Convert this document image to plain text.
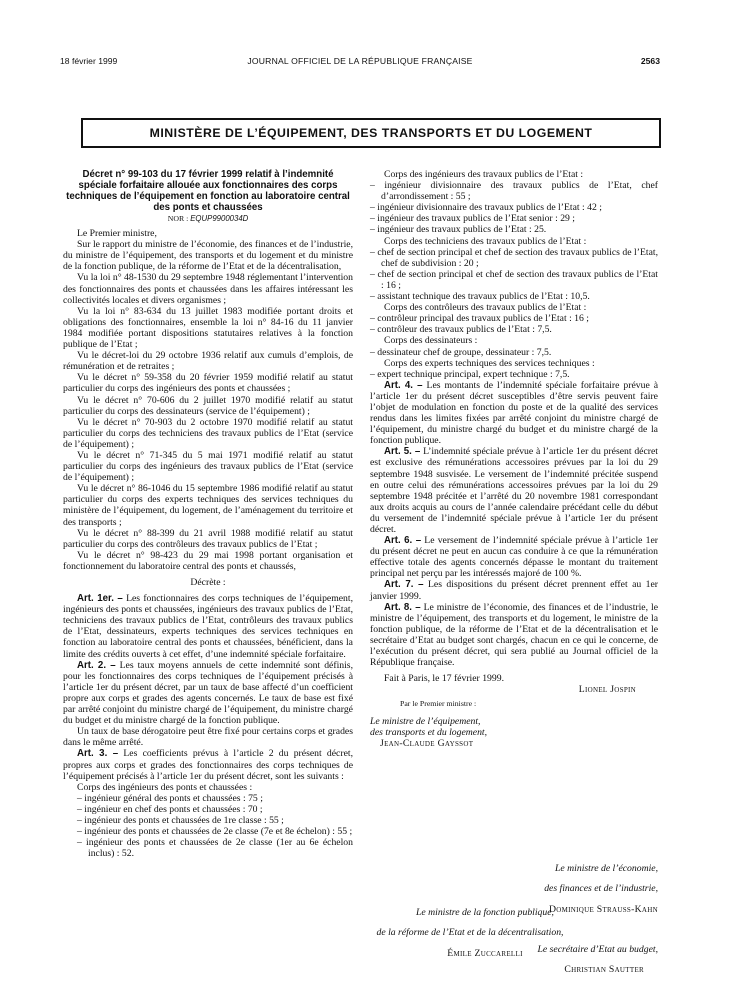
18 février 1999	JOURNAL OFFICIEL DE LA RÉPUBLIQUE FRANÇAISE	2563
MINISTÈRE DE L’ÉQUIPEMENT, DES TRANSPORTS ET DU LOGEMENT

Décret n° 99-103 du 17 février 1999 relatif à l’indemnité spéciale forfaitaire allouée aux fonctionnaires des corps techniques de l’équipement en fonction au laboratoire central des ponts et chaussées

NOR : EQUP9900034D

Le Premier ministre,

Sur le rapport du ministre de l’économie, des finances et de l’industrie, du ministre de l’équipement, des transports et du logement et du ministre de la fonction publique, de la réforme de l’Etat et de la décentralisation,

Vu la loi n° 48-1530 du 29 septembre 1948 réglementant l’intervention des fonctionnaires des ponts et chaussées dans les affaires intéressant les collectivités locales et divers organismes ;

Vu la loi n° 83-634 du 13 juillet 1983 modifiée portant droits et obligations des fonctionnaires, ensemble la loi n° 84-16 du 11 janvier 1984 modifiée portant dispositions statutaires relatives à la fonction publique de l’Etat ;

Vu le décret-loi du 29 octobre 1936 relatif aux cumuls d’emplois, de rémunération et de retraites ;

Vu le décret n° 59-358 du 20 février 1959 modifié relatif au statut particulier du corps des ingénieurs des ponts et chaussées ;

Vu le décret n° 70-606 du 2 juillet 1970 modifié relatif au statut particulier du corps des dessinateurs (service de l’équipement) ;

Vu le décret n° 70-903 du 2 octobre 1970 modifié relatif au statut particulier du corps des techniciens des travaux publics de l’Etat (service de l’équipement) ;

Vu le décret n° 71-345 du 5 mai 1971 modifié relatif au statut particulier du corps des ingénieurs des travaux publics de l’Etat (service de l’équipement) ;

Vu le décret n° 86-1046 du 15 septembre 1986 modifié relatif au statut particulier du corps des experts techniques des services techniques du ministère de l’équipement, du logement, de l’aménagement du territoire et des transports ;

Vu le décret n° 88-399 du 21 avril 1988 modifié relatif au statut particulier du corps des contrôleurs des travaux publics de l’Etat ;

Vu le décret n° 98-423 du 29 mai 1998 portant organisation et fonctionnement du laboratoire central des ponts et chaussés,

Décrète :

Art. 1er. – Les fonctionnaires des corps techniques de l’équipement, ingénieurs des ponts et chaussées, ingénieurs des travaux publics de l’Etat, techniciens des travaux publics de l’Etat, contrôleurs des travaux publics de l’Etat, dessinateurs, experts techniques des services techniques en fonction au laboratoire central des ponts et chaussées, bénéficient, dans la limite des crédits ouverts à cet effet, d’une indemnité spéciale forfaitaire.

Art. 2. – Les taux moyens annuels de cette indemnité sont définis, pour les fonctionnaires des corps techniques de l’équipement précisés à l’article 1er du présent décret, par un taux de base affecté d’un coefficient propre aux corps et grades des agents concernés. Le taux de base est fixé par arrêté conjoint du ministre chargé de l’équipement, du ministre chargé du budget et du ministre chargé de la fonction publique.

Un taux de base dérogatoire peut être fixé pour certains corps et grades dans le même arrêté.

Art. 3. – Les coefficients prévus à l’article 2 du présent décret, propres aux corps et grades des fonctionnaires des corps techniques de l’équipement précisés à l’article 1er du présent décret, sont les suivants :

Corps des ingénieurs des ponts et chaussées :

– ingénieur général des ponts et chaussées : 75 ;

– ingénieur en chef des ponts et chaussées : 70 ;

– ingénieur des ponts et chaussées de 1re classe : 55 ;

– ingénieur des ponts et chaussées de 2e classe (7e et 8e échelon) : 55 ;

– ingénieur des ponts et chaussées de 2e classe (1er au 6e échelon inclus) : 52.

Corps des ingénieurs des travaux publics de l’Etat :

– ingénieur divisionnaire des travaux publics de l’Etat, chef d’arrondissement : 55 ;

– ingénieur divisionnaire des travaux publics de l’Etat : 42 ;

– ingénieur des travaux publics de l’Etat senior : 29 ;

– ingénieur des travaux publics de l’Etat : 25.

Corps des techniciens des travaux publics de l’Etat :

– chef de section principal et chef de section des travaux publics de l’Etat, chef de subdivision : 20 ;

– chef de section principal et chef de section des travaux publics de l’Etat : 16 ;

– assistant technique des travaux publics de l’Etat : 10,5.

Corps des contrôleurs des travaux publics de l’Etat :

– contrôleur principal des travaux publics de l’Etat : 16 ;

– contrôleur des travaux publics de l’Etat : 7,5.

Corps des dessinateurs :

– dessinateur chef de groupe, dessinateur : 7,5.

Corps des experts techniques des services techniques :

– expert technique principal, expert technique : 7,5.

Art. 4. – Les montants de l’indemnité spéciale forfaitaire prévue à l’article 1er du présent décret susceptibles d’être servis peuvent faire l’objet de modulation en fonction du poste et de la qualité des services rendus dans les limites fixées par arrêté conjoint du ministre chargé de l’équipement, du ministre chargé du budget et du ministre chargé de la fonction publique.

Art. 5. – L’indemnité spéciale prévue à l’article 1er du présent décret est exclusive des rémunérations accessoires prévues par la loi du 29 septembre 1948 susvisée. Le versement de l’indemnité précitée suspend en outre celui des rémunérations accessoires prévues par la loi du 29 septembre 1948 précitée et l’arrêté du 20 novembre 1981 correspondant aux droits acquis au cours de l’année calendaire précédant celle du début du versement de l’indemnité spéciale prévue à l’article 1er du présent décret.

Art. 6. – Le versement de l’indemnité spéciale prévue à l’article 1er du présent décret ne peut en aucun cas conduire à ce que la rémunération effective totale des agents concernés dépasse le montant du traitement principal net perçu par les intéressés majoré de 100 %.

Art. 7. – Les dispositions du présent décret prennent effet au 1er janvier 1999.

Art. 8. – Le ministre de l’économie, des finances et de l’industrie, le ministre de l’équipement, des transports et du logement, le ministre de la fonction publique, de la réforme de l’Etat et de la décentralisation et le secrétaire d’Etat au budget sont chargés, chacun en ce qui le concerne, de l’exécution du présent décret, qui sera publié au Journal officiel de la République française.

Fait à Paris, le 17 février 1999.

Lionel Jospin

Par le Premier ministre :

Le ministre de l’équipement,

des transports et du logement,

Jean-Claude Gayssot

Le ministre de l’économie,

des finances et de l’industrie,

Dominique Strauss-Kahn

Le ministre de la fonction publique,

de la réforme de l’Etat et de la décentralisation,

Émile Zuccarelli	Le secrétaire d’Etat au budget,

Christian Sautter
